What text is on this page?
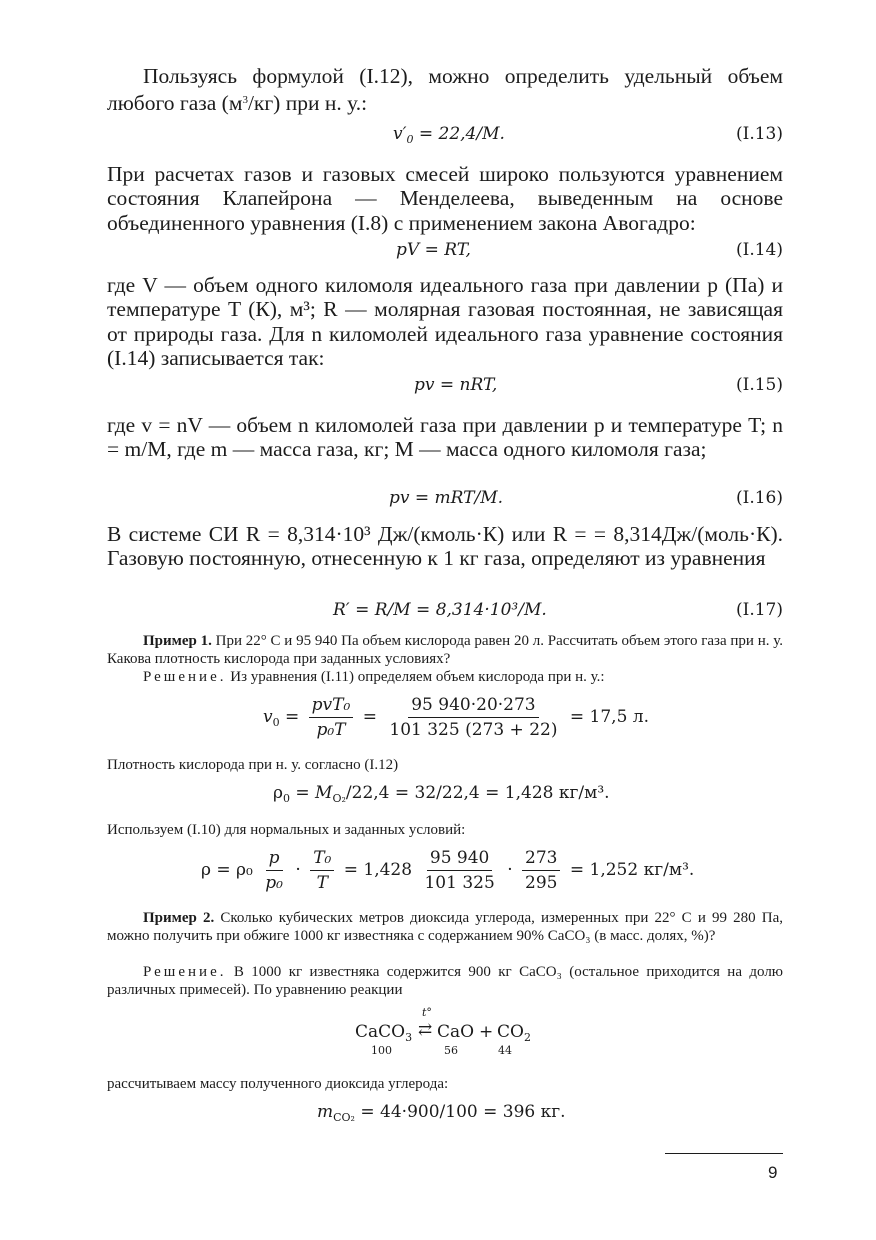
Пользуясь формулой (I.12), можно определить удельный объем любого газа $(м^3/кг)$ при н. у.:

$v'_0 = 22,4/M$.	(I.13)

При расчетах газов и газовых смесей широко пользуются уравнением состояния Клапейрона — Менделеева, выведенным на основе объединенного уравнения (I.8) с применением закона Авогадро:

pV = RT,	(I.14)

где V — объем одного киломоля идеального газа при давлении p (Па) и температуре T (К), м³; R — молярная газовая постоянная, не зависящая от природы газа. Для n киломолей идеального газа уравнение состояния (I.14) записывается так:

pv = nRT,	(I.15)

где v = nV — объем n киломолей газа при давлении p и температуре T; n = m/M, где m — масса газа, кг; M — масса одного киломоля газа;

pv = mRT/M.	(I.16)

В системе СИ R = 8,314·10³ Дж/(кмоль·К) или R = = 8,314Дж/(моль·К). Газовую постоянную, отнесенную к 1 кг газа, определяют из уравнения

R′ = R/M = 8,314·10³/M.	(I.17)

Пример 1. При 22° С и 95 940 Па объем кислорода равен 20 л. Рассчитать объем этого газа при н. у. Какова плотность кислорода при заданных условиях?

Решение. Из уравнения (I.11) определяем объем кислорода при н. у.:

$v_0 = \frac{\text{pvT₀}}{\text{p₀T}} = \frac{95 940\cdot 20\cdot 273}{101 325 (273 + 22)} = 17,5$ л.

Плотность кислорода при н. у. согласно (I.12)

$\rho_0 = M_{O_2}/22,4 = 32/22,4 = 1,428$ кг/м³.

Используем (I.10) для нормальных и заданных условий:

$\rho = \rho_0 \frac{p}{\text{p₀}} \cdot \frac{\text{T₀}}{T} = 1,428 \frac{95 940}{101 325} \cdot \frac{273}{295} = 1,252$ кг/м³.

Пример 2. Сколько кубических метров диоксида углерода, измеренных при 22° С и 99 280 Па, можно получить при обжиге 1000 кг известняка с содержанием 90% CaCO₃ (в масс. долях, %)?

Решение. В 1000 кг известняка содержится 900 кг CaCO₃ (остальное приходится на долю различных примесей). По уравнению реакции

CaCO$_3$
t°
⇄ CaO + $CO_2$
100	56	44

рассчитываем массу полученного диоксида углерода:

$m_{CO_2} = 44\cdot 900/100 = 396$ кг.
9
